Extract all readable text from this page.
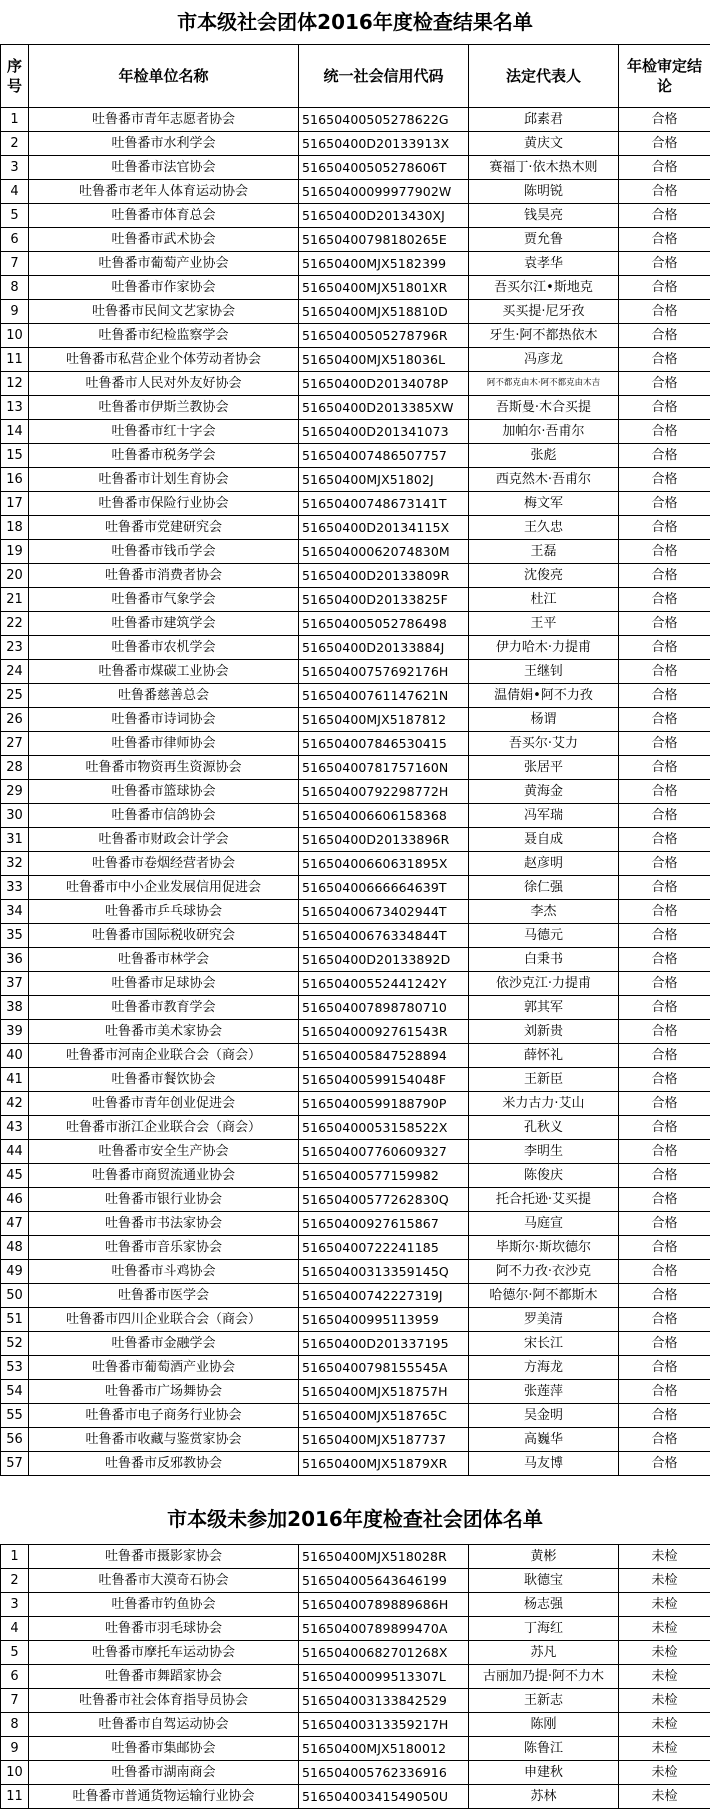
市本级社会团体2016年度检查结果名单
序号	年检单位名称	统一社会信用代码	法定代表人	年检审定结论
1	吐鲁番市青年志愿者协会	51650400505278622G	邱素君	合格
2	吐鲁番市水利学会	51650400D20133913X	黄庆文	合格
3	吐鲁番市法官协会	51650400505278606T	赛福丁·依木热木则	合格
4	吐鲁番市老年人体育运动协会	51650400099977902W	陈明锐	合格
5	吐鲁番市体育总会	51650400D2013430XJ	钱昊亮	合格
6	吐鲁番市武术协会	51650400798180265E	贾允鲁	合格
7	吐鲁番市葡萄产业协会	51650400MJX5182399	袁孝华	合格
8	吐鲁番市作家协会	51650400MJX51801XR	吾买尔江•斯地克	合格
9	吐鲁番市民间文艺家协会	51650400MJX518810D	买买提·尼牙孜	合格
10	吐鲁番市纪检监察学会	51650400505278796R	牙生·阿不都热依木	合格
11	吐鲁番市私营企业个体劳动者协会	51650400MJX518036L	冯彦龙	合格
12	吐鲁番市人民对外友好协会	51650400D20134078P	阿不都克由木·阿不都克由木吉	合格
13	吐鲁番市伊斯兰教协会	51650400D2013385XW	吾斯曼·木合买提	合格
14	吐鲁番市红十字会	51650400D201341073	加帕尔·吾甫尔	合格
15	吐鲁番市税务学会	516504007486507757	张彪	合格
16	吐鲁番市计划生育协会	51650400MJX51802J	西克然木·吾甫尔	合格
17	吐鲁番市保险行业协会	51650400748673141T	梅文军	合格
18	吐鲁番市党建研究会	51650400D20134115X	王久忠	合格
19	吐鲁番市钱币学会	51650400062074830M	王磊	合格
20	吐鲁番市消费者协会	51650400D20133809R	沈俊亮	合格
21	吐鲁番市气象学会	51650400D20133825F	杜江	合格
22	吐鲁番市建筑学会	516504005052786498	王平	合格
23	吐鲁番市农机学会	51650400D20133884J	伊力哈木·力提甫	合格
24	吐鲁番市煤碳工业协会	51650400757692176H	王继钊	合格
25	吐鲁番慈善总会	51650400761147621N	温倩娟•阿不力孜	合格
26	吐鲁番市诗词协会	51650400MJX5187812	杨谓	合格
27	吐鲁番市律师协会	516504007846530415	吾买尔·艾力	合格
28	吐鲁番市物资再生资源协会	51650400781757160N	张居平	合格
29	吐鲁番市篮球协会	51650400792298772H	黄海金	合格
30	吐鲁番市信鸽协会	516504006606158368	冯军瑞	合格
31	吐鲁番市财政会计学会	51650400D20133896R	聂自成	合格
32	吐鲁番市卷烟经营者协会	51650400660631895X	赵彦明	合格
33	吐鲁番市中小企业发展信用促进会	51650400666664639T	徐仁强	合格
34	吐鲁番市乒乓球协会	51650400673402944T	李杰	合格
35	吐鲁番市国际税收研究会	51650400676334844T	马德元	合格
36	吐鲁番市林学会	51650400D20133892D	白秉书	合格
37	吐鲁番市足球协会	51650400552441242Y	依沙克江·力提甫	合格
38	吐鲁番市教育学会	516504007898780710	郭其军	合格
39	吐鲁番市美术家协会	51650400092761543R	刘新贵	合格
40	吐鲁番市河南企业联合会（商会）	516504005847528894	薛怀礼	合格
41	吐鲁番市餐饮协会	51650400599154048F	王新臣	合格
42	吐鲁番市青年创业促进会	51650400599188790P	米力古力·艾山	合格
43	吐鲁番市浙江企业联合会（商会）	51650400053158522X	孔秋义	合格
44	吐鲁番市安全生产协会	516504007760609327	李明生	合格
45	吐鲁番市商贸流通业协会	51650400577159982	陈俊庆	合格
46	吐鲁番市银行业协会	51650400577262830Q	托合托逊·艾买提	合格
47	吐鲁番市书法家协会	51650400927615867	马庭宣	合格
48	吐鲁番市音乐家协会	51650400722241185	毕斯尔·斯坎德尔	合格
49	吐鲁番市斗鸡协会	51650400313359145Q	阿不力孜·衣沙克	合格
50	吐鲁番市医学会	51650400742227319J	哈德尔·阿不都斯木	合格
51	吐鲁番市四川企业联合会（商会）	51650400995113959	罗美清	合格
52	吐鲁番市金融学会	51650400D201337195	宋长江	合格
53	吐鲁番市葡萄酒产业协会	51650400798155545A	方海龙	合格
54	吐鲁番市广场舞协会	51650400MJX518757H	张莲萍	合格
55	吐鲁番市电子商务行业协会	51650400MJX518765C	吴金明	合格
56	吐鲁番市收藏与鉴赏家协会	51650400MJX5187737	高巍华	合格
57	吐鲁番市反邪教协会	51650400MJX51879XR	马友博	合格
市本级未参加2016年度检查社会团体名单
1	吐鲁番市摄影家协会	51650400MJX518028R	黄彬	未检
2	吐鲁番市大漠奇石协会	516504005643646199	耿德宝	未检
3	吐鲁番市钓鱼协会	51650400789889686H	杨志强	未检
4	吐鲁番市羽毛球协会	51650400789899470A	丁海红	未检
5	吐鲁番市摩托车运动协会	51650400682701268X	苏凡	未检
6	吐鲁番市舞蹈家协会	51650400099513307L	古丽加乃提·阿不力木	未检
7	吐鲁番市社会体育指导员协会	516504003133842529	王新志	未检
8	吐鲁番市自驾运动协会	51650400313359217H	陈刚	未检
9	吐鲁番市集邮协会	51650400MJX5180012	陈鲁江	未检
10	吐鲁番市湖南商会	516504005762336916	申建秋	未检
11	吐鲁番市普通货物运输行业协会	51650400341549050U	苏林	未检
